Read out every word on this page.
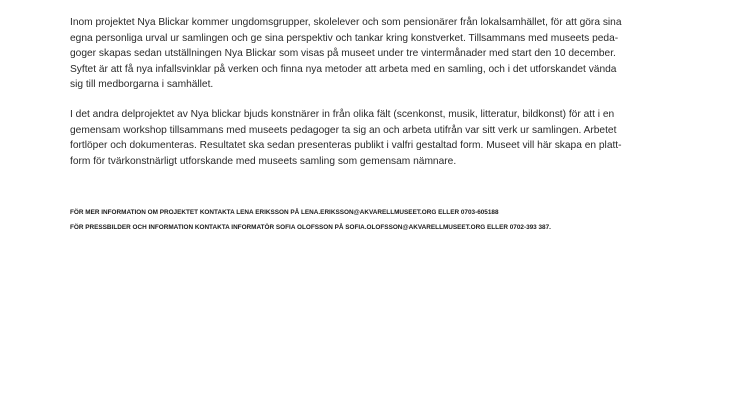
Inom projektet Nya Blickar kommer ungdomsgrupper, skolelever och som pensionärer från lokalsamhället, för att göra sina
egna personliga urval ur samlingen och ge sina perspektiv och tankar kring konstverket. Tillsammans med museets peda-
goger skapas sedan utställningen Nya Blickar som visas på museet under tre vintermånader med start den 10 december.
Syftet är att få nya infallsvinklar på verken och finna nya metoder att arbeta med en samling, och i det utforskandet vända
sig till medborgarna i samhället.

I det andra delprojektet av Nya blickar bjuds konstnärer in från olika fält (scenkonst, musik, litteratur, bildkonst) för att i en
gemensam workshop tillsammans med museets pedagoger ta sig an och arbeta utifrån var sitt verk ur samlingen. Arbetet
fortlöper och dokumenteras. Resultatet ska sedan presenteras publikt i valfri gestaltad form. Museet vill här skapa en platt-
form för tvärkonstnärligt utforskande med museets samling som gemensam nämnare.

FÖR MER INFORMATION OM PROJEKTET KONTAKTA LENA ERIKSSON PÅ LENA.ERIKSSON@AKVARELLMUSEET.ORG ELLER 0703-605188

FÖR PRESSBILDER OCH INFORMATION KONTAKTA INFORMATÖR SOFIA OLOFSSON PÅ SOFIA.OLOFSSON@AKVARELLMUSEET.ORG ELLER 0702-393 387.
